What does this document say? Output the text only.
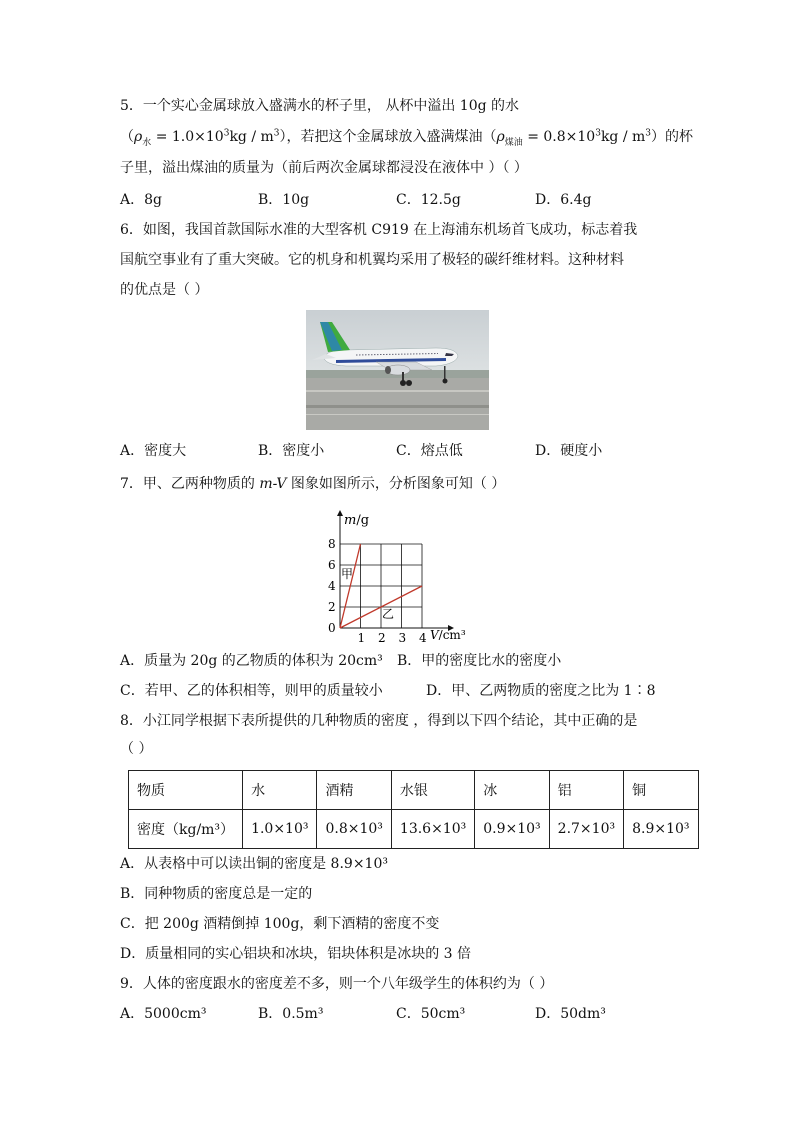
5．一个实心金属球放入盛满水的杯子里， 从杯中溢出 10g 的水
$(\rho_水 = 1.0\times 10^3kg / m^3)$，若把这个金属球放入盛满煤油$(\rho_{煤油} = 0.8\times 10^3kg / m^3)$的杯
子里，溢出煤油的质量为（前后两次金属球都浸没在液体中 ）（ ）
A．8g	B．10g	C．12.5g	D．6.4g
6．如图，我国首款国际水准的大型客机 C919 在上海浦东机场首飞成功，标志着我
国航空事业有了重大突破。它的机身和机翼均采用了极轻的碳纤维材料。这种材料
的优点是（ ）
A．密度大	B．密度小	C．熔点低	D．硬度小
7．甲、乙两种物质的 m-V 图象如图所示，分析图象可知（ ）
8
6
4
2
0
1 2 3 4
m/g
V/cm³
甲
乙
A．质量为 20g 的乙物质的体积为 20cm³ B．甲的密度比水的密度小
C．若甲、乙的体积相等，则甲的质量较小	D．甲、乙两物质的密度之比为 1∶8
8．小江同学根据下表所提供的几种物质的密度 ，得到以下四个结论，其中正确的是
（ ）
物质	水	酒精	水银	冰	铝	铜
密度（kg/m³）	1.0×10³	0.8×10³	13.6×10³	0.9×10³	2.7×10³	8.9×10³
A．从表格中可以读出铜的密度是 8.9×10³
B．同种物质的密度总是一定的
C．把 200g 酒精倒掉 100g，剩下酒精的密度不变
D．质量相同的实心铝块和冰块，铝块体积是冰块的 3 倍
9．人体的密度跟水的密度差不多，则一个八年级学生的体积约为（ ）
A．5000cm³	B．0.5m³	C．50cm³	D．50dm³
